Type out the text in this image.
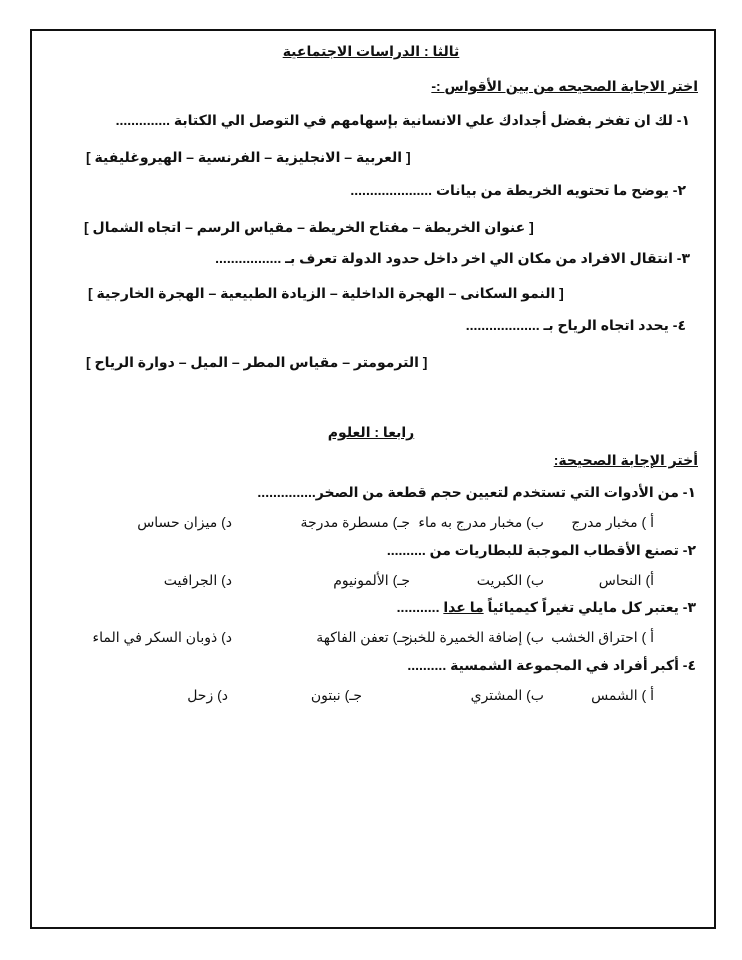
ثالثا : الدراسات الاجتماعية
اختر الاجابة الصحيحه من بين الأقواس :-
١- لك ان تفخر بفضل أجدادك علي الانسانية بإسهامهم في التوصل الي الكتابة ..............
[ العربية – الانجليزية – الفرنسية – الهيروغليفية ]
٢- يوضح ما تحتويه الخريطة من بيانات .....................
[ عنوان الخريطة – مفتاح الخريطة – مقياس الرسم – اتجاه الشمال ]
٣- انتقال الافراد من مكان الي اخر داخل حدود الدولة تعرف بـ .................
[ النمو السكانى – الهجرة الداخلية – الزيادة الطبيعية – الهجرة الخارجية ]
٤- يحدد اتجاه الرياح بـ ...................
[ الترمومتر – مقياس المطر – الميل – دوارة الرياح ]
رابعا : العلوم
أختر الإجابة الصحيحة:
١- من الأدوات التي تستخدم لتعيين حجم قطعة من الصخر...............
أ ) مخبار مدرج
ب) مخبار مدرج به ماء
جـ) مسطرة مدرجة
د) ميزان حساس
٢- تصنع الأقطاب الموجبة للبطاريات من ..........
أ) النحاس
ب) الكبريت
جـ) الألمونيوم
د) الجرافيت
٣- يعتبر كل مايلي تغيراً كيميائياً ما عدا ...........
أ ) احتراق الخشب
ب) إضافة الخميرة للخبز
جـ) تعفن الفاكهة
د) ذوبان السكر في الماء
٤- أكبر أفراد في المجموعة الشمسية ..........
أ ) الشمس
ب) المشتري
جـ) نبتون
د) زحل
